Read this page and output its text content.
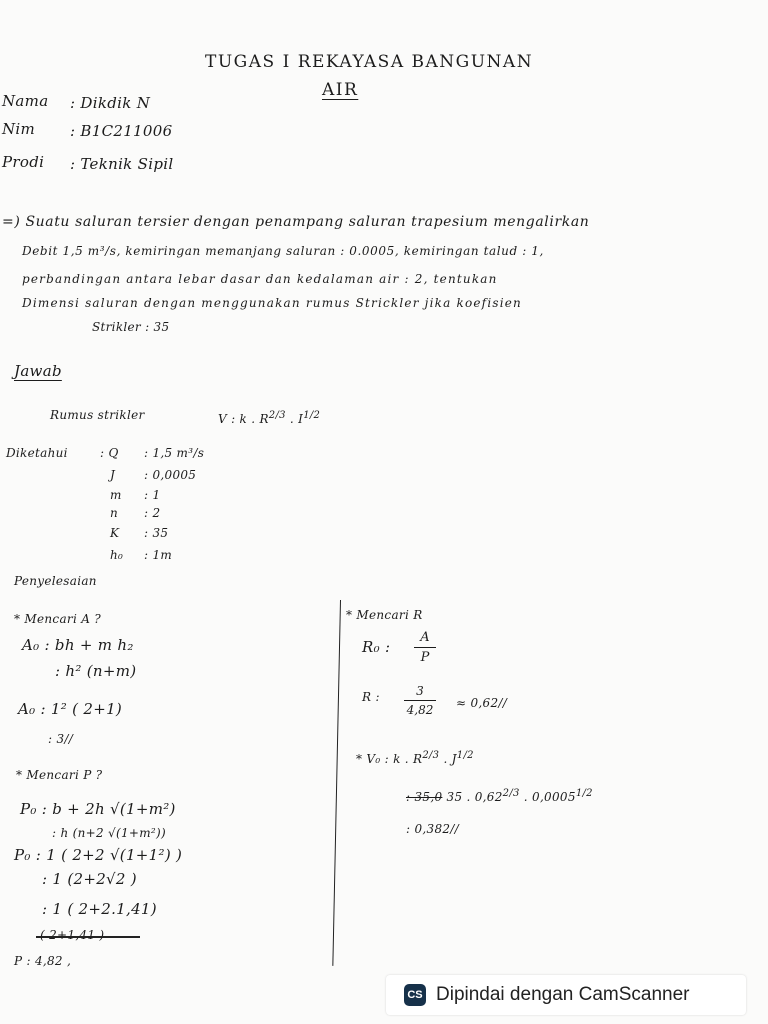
TUGAS I REKAYASA BANGUNAN
AIR
Nama : Dikdik N
Nim : B1C211006
Prodi : Teknik Sipil
=) Suatu saluran tersier dengan penampang saluran trapesium mengalirkan
Debit 1,5 m³/s, kemiringan memanjang saluran : 0.0005, kemiringan talud : 1,
perbandingan antara lebar dasar dan kedalaman air : 2, tentukan
Dimensi saluran dengan menggunakan rumus Strickler jika koefisien
Strikler : 35
Jawab
Rumus strikler	V : k . $R^{2/3}$ . $I^{1/2}$
Diketahui	: Q : 1,5 m³/s
J : 0,0005
m : 1
n : 2
K : 35
h₀ : 1m
Penyelesaian
* Mencari A ?
A₀ : bh + m h₂
: h² (n+m)
A₀ : 1² ( 2+1)
: 3//
* Mencari P ?
P₀ : b + 2h √(1+m²)
: h (n+2 √(1+m²))
P₀ : 1 ( 2+2 √(1+1²) )
: 1 (2+2√2 )
: 1 ( 2+2.1,41)
( 2+1,41 )
P : 4,82 ,
* Mencari R
R₀ :
A
P
R :	3
4,82 ≈ 0,62//
* V₀ : k . $R^{2/3}$ . $J^{1/2}$
: 35,0 35 . $0,62^{2/3}$ . $0,0005^{1/2}$
: 0,382//
CS Dipindai dengan CamScanner
